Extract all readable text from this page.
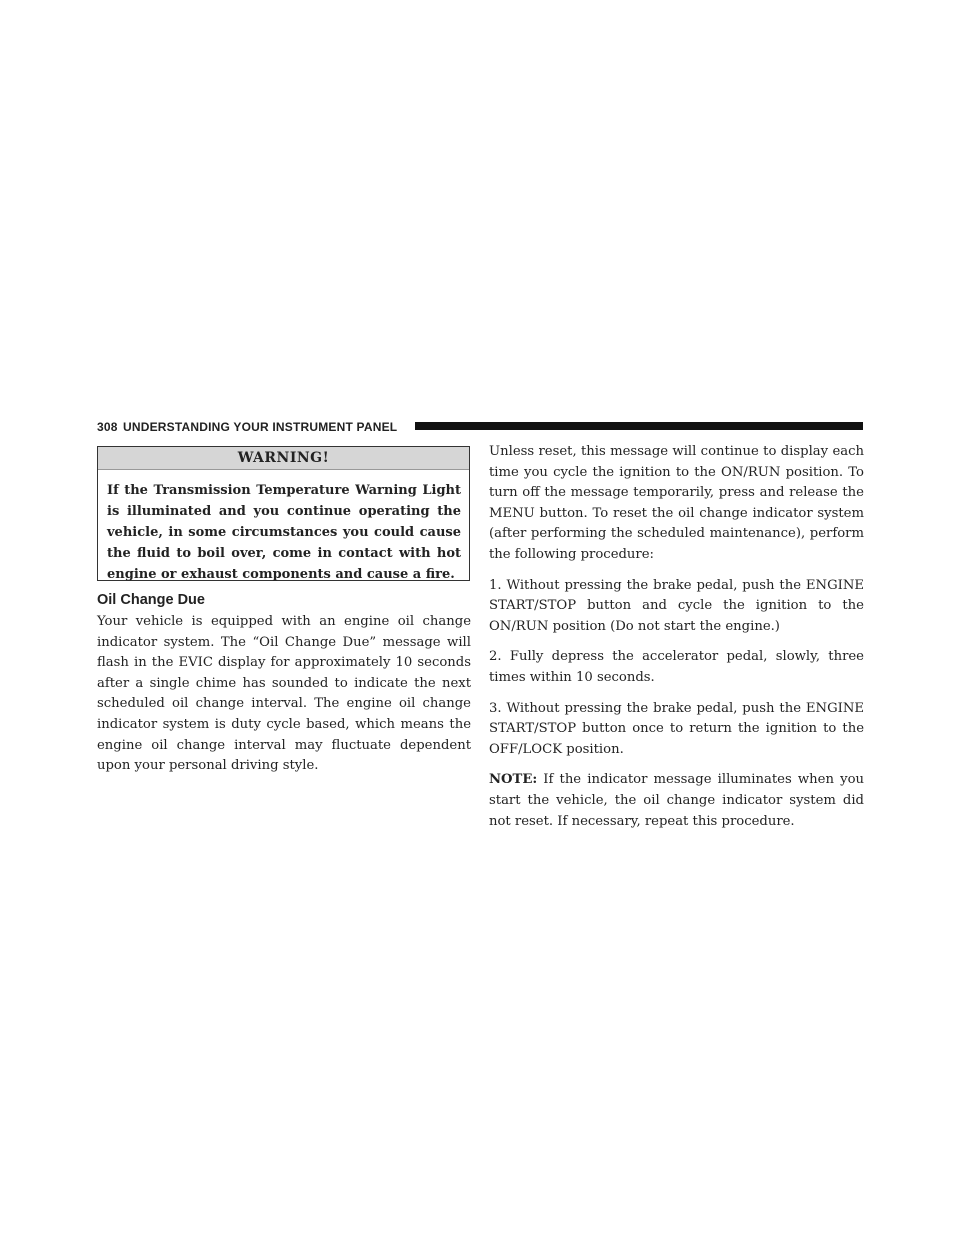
308 UNDERSTANDING YOUR INSTRUMENT PANEL
WARNING!
If the Transmission Temperature Warning Light is illuminated and you continue operating the vehicle, in some circumstances you could cause the fluid to boil over, come in contact with hot engine or exhaust components and cause a fire.
Oil Change Due

Your vehicle is equipped with an engine oil change indicator system. The “Oil Change Due” message will flash in the EVIC display for approximately 10 seconds after a single chime has sounded to indicate the next scheduled oil change interval. The engine oil change indicator system is duty cycle based, which means the engine oil change interval may fluctuate dependent upon your personal driving style.

Unless reset, this message will continue to display each time you cycle the ignition to the ON/RUN position. To turn off the message temporarily, press and release the MENU button. To reset the oil change indicator system (after performing the scheduled maintenance), perform the following procedure:

1. Without pressing the brake pedal, push the ENGINE START/STOP button and cycle the ignition to the ON/RUN position (Do not start the engine.)

2. Fully depress the accelerator pedal, slowly, three times within 10 seconds.

3. Without pressing the brake pedal, push the ENGINE START/STOP button once to return the ignition to the OFF/LOCK position.

NOTE: If the indicator message illuminates when you start the vehicle, the oil change indicator system did not reset. If necessary, repeat this procedure.
